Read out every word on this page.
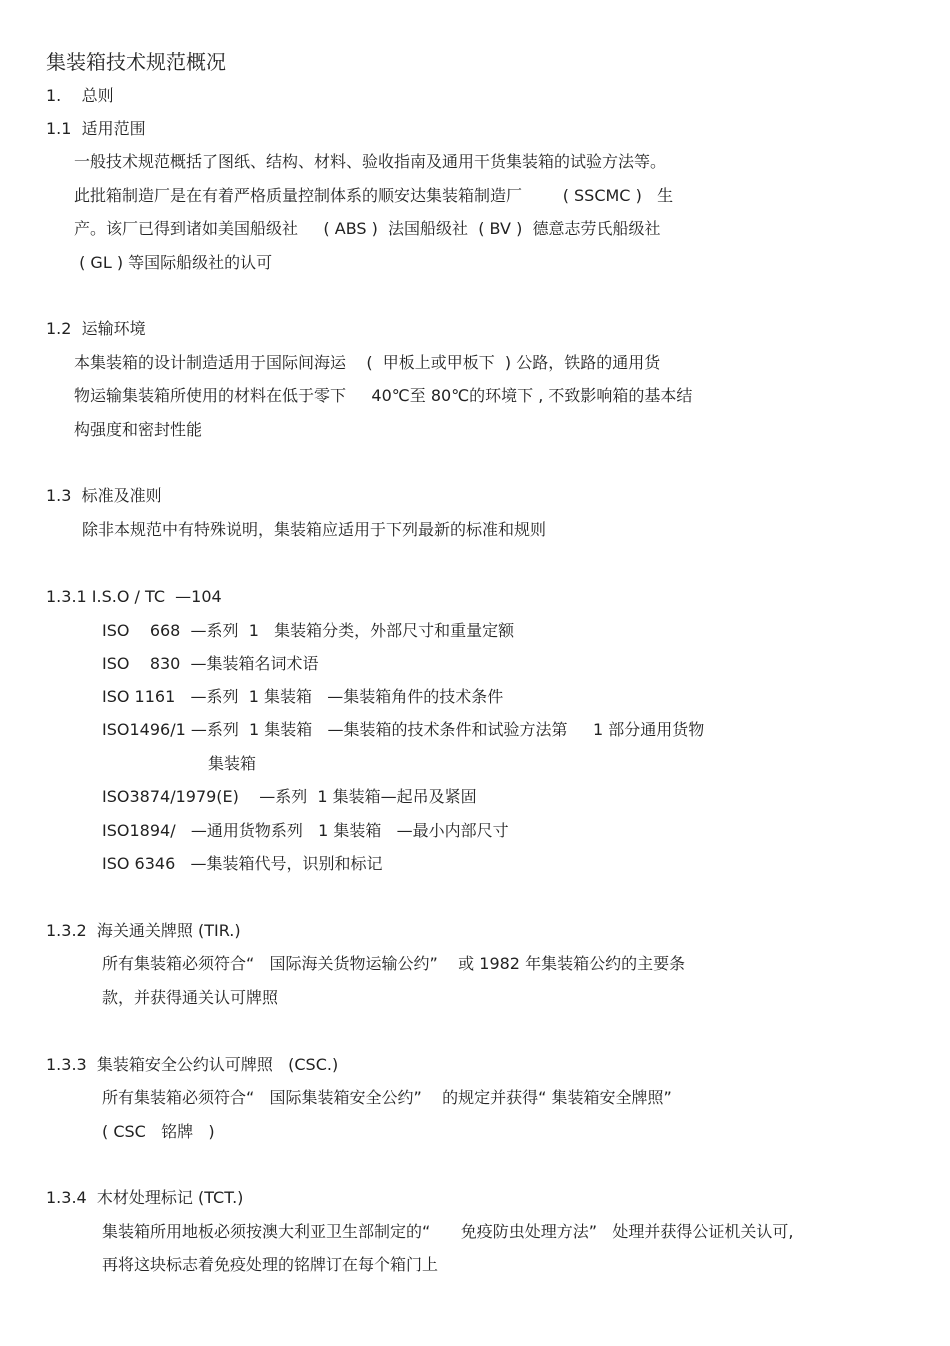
集装箱技术规范概况
1.    总则
1.1  适用范围
一般技术规范概括了图纸、结构、材料、验收指南及通用干货集装箱的试验方法等。
此批箱制造厂是在有着严格质量控制体系的顺安达集装箱制造厂        ( SSCMC )   生
产。该厂已得到诸如美国船级社     ( ABS )  法国船级社  ( BV )  德意志劳氏船级社
( GL ) 等国际船级社的认可
1.2  运输环境
本集装箱的设计制造适用于国际间海运    (  甲板上或甲板下  ) 公路，铁路的通用货
物运输集装箱所使用的材料在低于零下     40℃至 80℃的环境下 , 不致影响箱的基本结
构强度和密封性能
1.3  标准及准则
除非本规范中有特殊说明，集装箱应适用于下列最新的标准和规则
1.3.1 I.S.O / TC  —104
ISO    668  —系列  1   集装箱分类，外部尺寸和重量定额
ISO    830  —集装箱名词术语
ISO 1161   —系列  1 集装箱   —集装箱角件的技术条件
ISO1496/1 —系列  1 集装箱   —集装箱的技术条件和试验方法第     1 部分通用货物
集装箱
ISO3874/1979(E)    —系列  1 集装箱—起吊及紧固
ISO1894/   —通用货物系列   1 集装箱   —最小内部尺寸
ISO 6346   —集装箱代号，识别和标记
1.3.2  海关通关牌照 (TIR.)
所有集装箱必须符合“   国际海关货物运输公约”    或 1982 年集装箱公约的主要条
款，并获得通关认可牌照
1.3.3  集装箱安全公约认可牌照   (CSC.)
所有集装箱必须符合“   国际集装箱安全公约”    的规定并获得“ 集装箱安全牌照”
( CSC   铭牌   )
1.3.4  木材处理标记 (TCT.)
集装箱所用地板必须按澳大利亚卫生部制定的“      免疫防虫处理方法”   处理并获得公证机关认可,
再将这块标志着免疫处理的铭牌订在每个箱门上
